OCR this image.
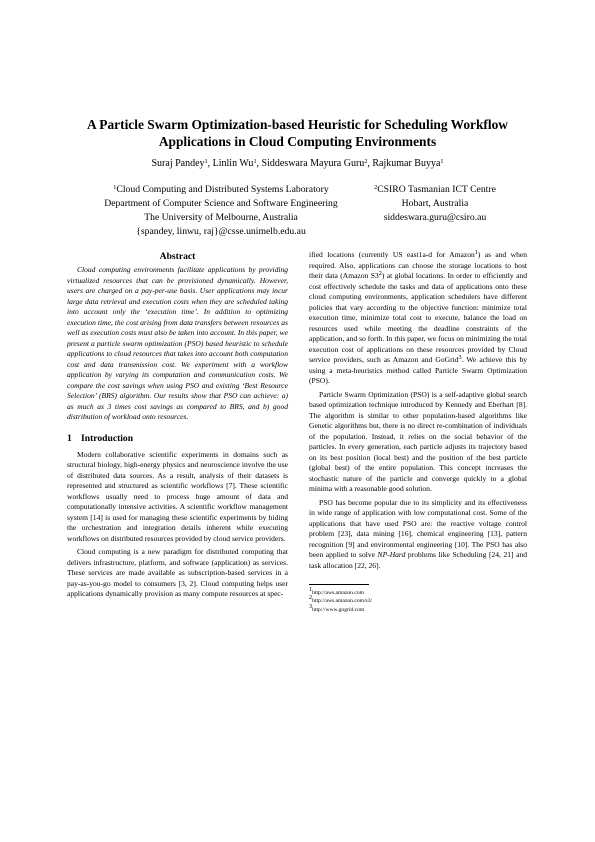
A Particle Swarm Optimization-based Heuristic for Scheduling Workflow Applications in Cloud Computing Environments
Suraj Pandey$^1$, Linlin Wu$^1$, Siddeswara Mayura Guru$^2$, Rajkumar Buyya$^1$
$^1$Cloud Computing and Distributed Systems Laboratory
Department of Computer Science and Software Engineering
The University of Melbourne, Australia
{spandey, linwu, raj}@csse.unimelb.edu.au
$^2$CSIRO Tasmanian ICT Centre
Hobart, Australia
siddeswara.guru@csiro.au
Abstract

Cloud computing environments facilitate applications by providing virtualized resources that can be provisioned dynamically. However, users are charged on a pay-per-use basis. User applications may incur large data retrieval and execution costs when they are scheduled taking into account only the ‘execution time’. In addition to optimizing execution time, the cost arising from data transfers between resources as well as execution costs must also be taken into account. In this paper, we present a particle swarm optimization (PSO) based heuristic to schedule applications to cloud resources that takes into account both computation cost and data transmission cost. We experiment with a workflow application by varying its computation and communication costs. We compare the cost savings when using PSO and existing ‘Best Resource Selection’ (BRS) algorithm. Our results show that PSO can achieve: a) as much as 3 times cost savings as compared to BRS, and b) good distribution of workload onto resources.

1 Introduction

Modern collaborative scientific experiments in domains such as structural biology, high-energy physics and neuroscience involve the use of distributed data sources. As a result, analysis of their datasets is represented and structured as scientific workflows [7]. These scientific workflows usually need to process huge amount of data and computationally intensive activities. A scientific workflow management system [14] is used for managing these scientific experiments by hiding the orchestration and integration details inherent while executing workflows on distributed resources provided by cloud service providers.

Cloud computing is a new paradigm for distributed computing that delivers infrastructure, platform, and software (application) as services. These services are made available as subscription-based services in a pay-as-you-go model to consumers [3, 2]. Cloud computing helps user applications dynamically provision as many compute resources at spec-

ified locations (currently US east1a-d for Amazon$^1$) as and when required. Also, applications can choose the storage locations to host their data (Amazon $S3^2$) at global locations. In order to efficiently and cost effectively schedule the tasks and data of applications onto these cloud computing environments, application schedulers have different policies that vary according to the objective function: minimize total execution time, minimize total cost to execute, balance the load on resources used while meeting the deadline constraints of the application, and so forth. In this paper, we focus on minimizing the total execution cost of applications on these resources provided by Cloud service providers, such as Amazon and GoGrid$^3$. We achieve this by using a meta-heuristics method called Particle Swarm Optimization (PSO).

Particle Swarm Optimization (PSO) is a self-adaptive global search based optimization technique introduced by Kennedy and Eberhart [8]. The algorithm is similar to other population-based algorithms like Genetic algorithms but, there is no direct re-combination of individuals of the population. Instead, it relies on the social behavior of the particles. In every generation, each particle adjusts its trajectory based on its best position (local best) and the position of the best particle (global best) of the entire population. This concept increases the stochastic nature of the particle and converge quickly to a global minima with a reasonable good solution.

PSO has become popular due to its simplicity and its effectiveness in wide range of application with low computational cost. Some of the applications that have used PSO are: the reactive voltage control problem [23], data mining [16], chemical engineering [13], pattern recognition [9] and environmental engineering [10]. The PSO has also been applied to solve NP-Hard problems like Scheduling [24, 21] and task allocation [22, 26].

$^1$http://aws.amazon.com
$^2$http://aws.amazon.com/s3/
$^3$http://www.gogrid.com
